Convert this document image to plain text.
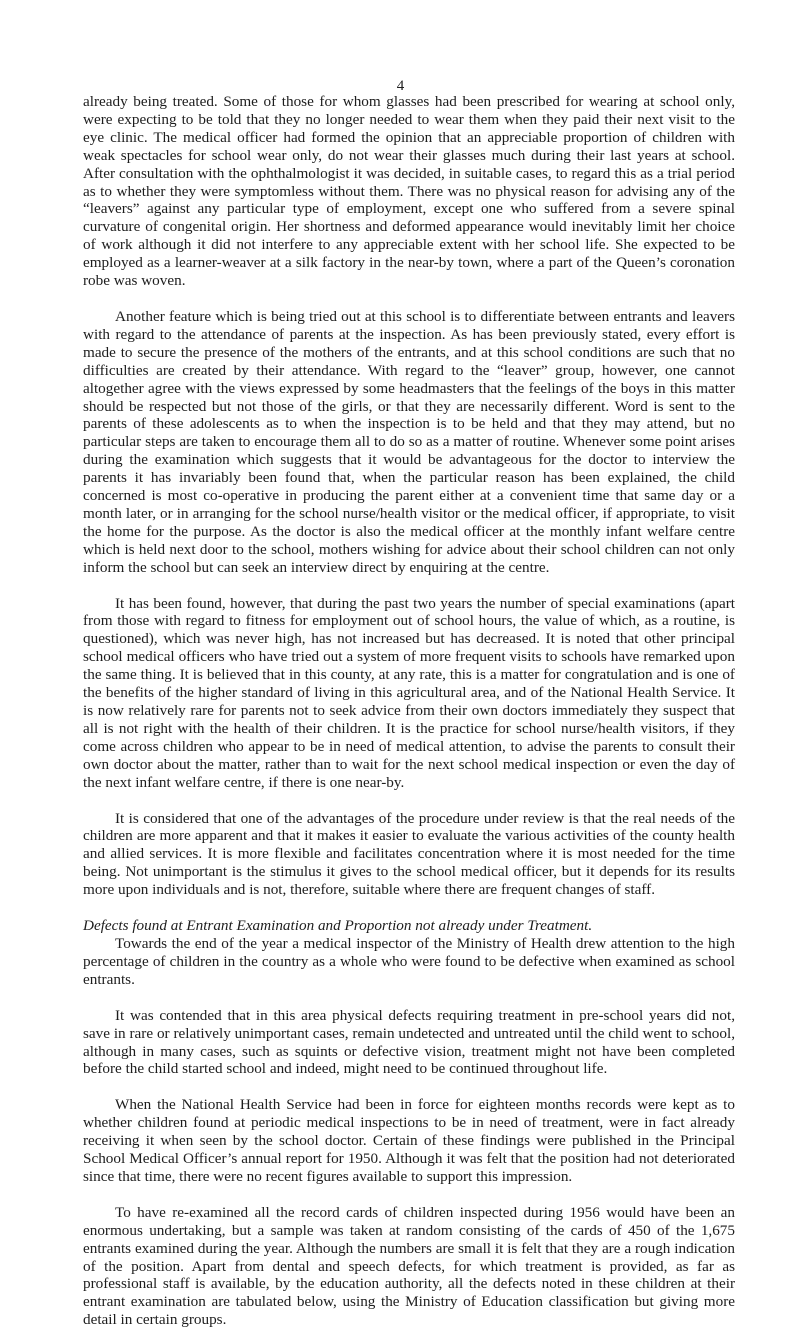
4

already being treated. Some of those for whom glasses had been prescribed for wearing at school only, were expecting to be told that they no longer needed to wear them when they paid their next visit to the eye clinic. The medical officer had formed the opinion that an appreciable proportion of children with weak spectacles for school wear only, do not wear their glasses much during their last years at school. After consultation with the ophthalmologist it was decided, in suitable cases, to regard this as a trial period as to whether they were symptomless without them. There was no physical reason for advising any of the “leavers” against any particular type of employment, except one who suffered from a severe spinal curvature of congenital origin. Her shortness and deformed appearance would inevitably limit her choice of work although it did not interfere to any appreciable extent with her school life. She expected to be employed as a learner-weaver at a silk factory in the near-by town, where a part of the Queen’s coronation robe was woven.

Another feature which is being tried out at this school is to differentiate between entrants and leavers with regard to the attendance of parents at the inspection. As has been previously stated, every effort is made to secure the presence of the mothers of the entrants, and at this school conditions are such that no difficulties are created by their attendance. With regard to the “leaver” group, however, one cannot altogether agree with the views expressed by some headmasters that the feelings of the boys in this matter should be respected but not those of the girls, or that they are necessarily different. Word is sent to the parents of these adolescents as to when the inspection is to be held and that they may attend, but no particular steps are taken to encourage them all to do so as a matter of routine. Whenever some point arises during the examination which suggests that it would be advantageous for the doctor to interview the parents it has invariably been found that, when the particular reason has been explained, the child concerned is most co-operative in producing the parent either at a convenient time that same day or a month later, or in arranging for the school nurse/health visitor or the medical officer, if appropriate, to visit the home for the purpose. As the doctor is also the medical officer at the monthly infant welfare centre which is held next door to the school, mothers wishing for advice about their school children can not only inform the school but can seek an interview direct by enquiring at the centre.

It has been found, however, that during the past two years the number of special examinations (apart from those with regard to fitness for employment out of school hours, the value of which, as a routine, is questioned), which was never high, has not increased but has decreased. It is noted that other principal school medical officers who have tried out a system of more frequent visits to schools have remarked upon the same thing. It is believed that in this county, at any rate, this is a matter for congratulation and is one of the benefits of the higher standard of living in this agricultural area, and of the National Health Service. It is now relatively rare for parents not to seek advice from their own doctors immediately they suspect that all is not right with the health of their children. It is the practice for school nurse/health visitors, if they come across children who appear to be in need of medical attention, to advise the parents to consult their own doctor about the matter, rather than to wait for the next school medical inspection or even the day of the next infant welfare centre, if there is one near-by.

It is considered that one of the advantages of the procedure under review is that the real needs of the children are more apparent and that it makes it easier to evaluate the various activities of the county health and allied services. It is more flexible and facilitates concentration where it is most needed for the time being. Not unimportant is the stimulus it gives to the school medical officer, but it depends for its results more upon individuals and is not, therefore, suitable where there are frequent changes of staff.

Defects found at Entrant Examination and Proportion not already under Treatment.

Towards the end of the year a medical inspector of the Ministry of Health drew attention to the high percentage of children in the country as a whole who were found to be defective when examined as school entrants.

It was contended that in this area physical defects requiring treatment in pre-school years did not, save in rare or relatively unimportant cases, remain undetected and untreated until the child went to school, although in many cases, such as squints or defective vision, treatment might not have been completed before the child started school and indeed, might need to be continued throughout life.

When the National Health Service had been in force for eighteen months records were kept as to whether children found at periodic medical inspections to be in need of treatment, were in fact already receiving it when seen by the school doctor. Certain of these findings were published in the Principal School Medical Officer’s annual report for 1950. Although it was felt that the position had not deteriorated since that time, there were no recent figures available to support this impression.

To have re-examined all the record cards of children inspected during 1956 would have been an enormous undertaking, but a sample was taken at random consisting of the cards of 450 of the 1,675 entrants examined during the year. Although the numbers are small it is felt that they are a rough indication of the position. Apart from dental and speech defects, for which treatment is provided, as far as professional staff is available, by the education authority, all the defects noted in these children at their entrant examination are tabulated below, using the Ministry of Education classification but giving more detail in certain groups.
